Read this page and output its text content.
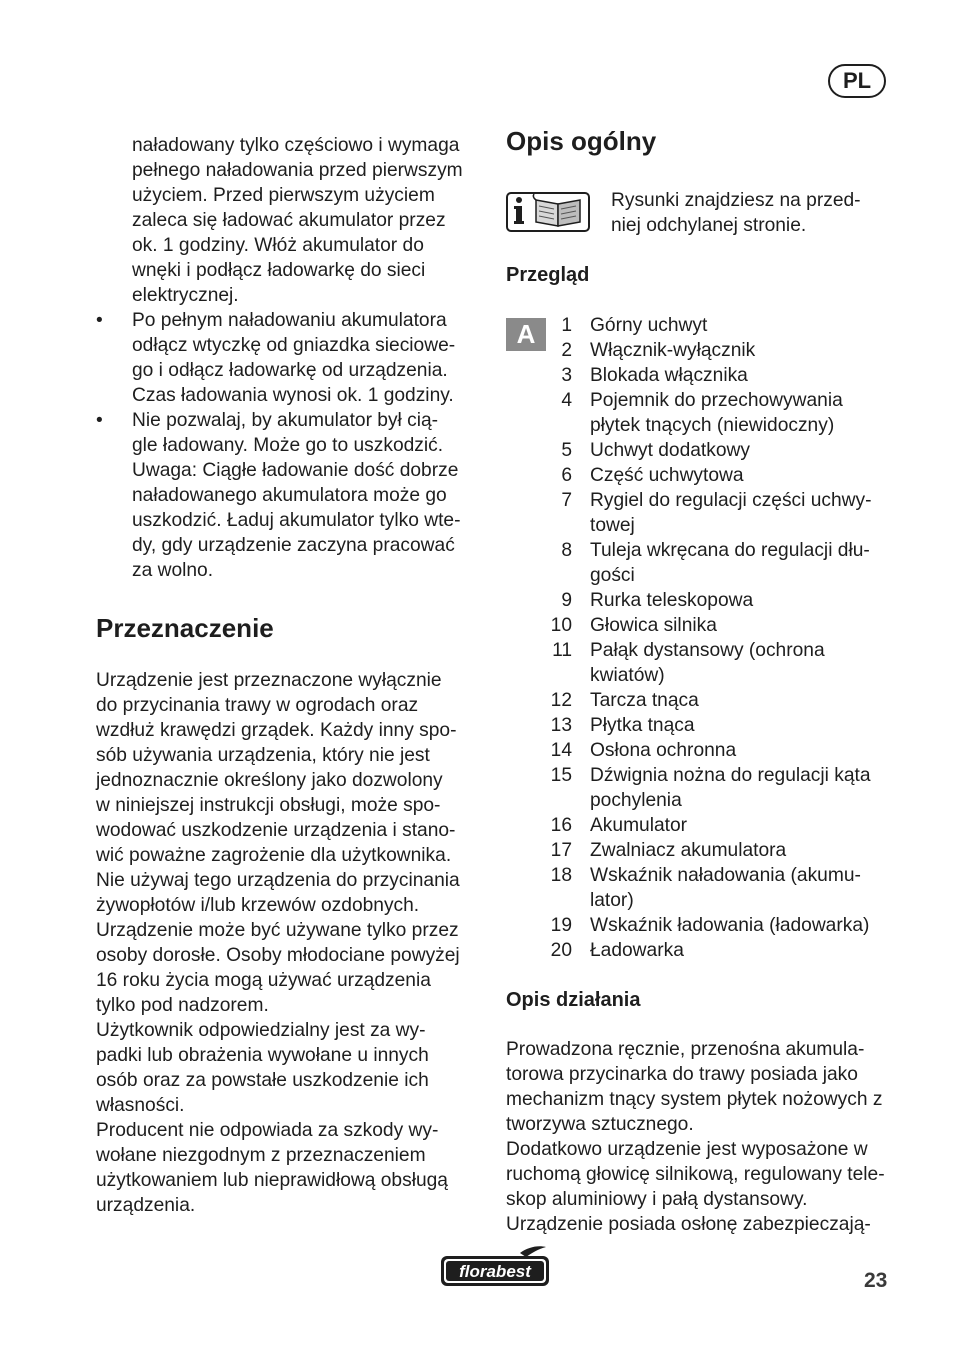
PL

naładowany tylko częściowo i wymaga
pełnego naładowania przed pierwszym
użyciem. Przed pierwszym użyciem
zaleca się ładować akumulator przez
ok. 1 godziny. Włóż akumulator do
wnęki i podłącz ładowarkę do sieci
elektrycznej.

• Po pełnym naładowaniu akumulatora
odłącz wtyczkę od gniazdka sieciowe-
go i odłącz ładowarkę od urządzenia.
Czas ładowania wynosi ok. 1 godziny.
• Nie pozwalaj, by akumulator był cią-
gle ładowany. Może go to uszkodzić.
Uwaga: Ciągłe ładowanie dość dobrze
naładowanego akumulatora może go
uszkodzić. Ładuj akumulator tylko wte-
dy, gdy urządzenie zaczyna pracować
za wolno.
Przeznaczenie

Urządzenie jest przeznaczone wyłącznie
do przycinania trawy w ogrodach oraz
wzdłuż krawędzi grządek. Każdy inny spo-
sób używania urządzenia, który nie jest
jednoznacznie określony jako dozwolony
w niniejszej instrukcji obsługi, może spo-
wodować uszkodzenie urządzenia i stano-
wić poważne zagrożenie dla użytkownika.
Nie używaj tego urządzenia do przycinania
żywopłotów i/lub krzewów ozdobnych.
Urządzenie może być używane tylko przez
osoby dorosłe. Osoby młodociane powyżej
16 roku życia mogą używać urządzenia
tylko pod nadzorem.
Użytkownik odpowiedzialny jest za wy-
padki lub obrażenia wywołane u innych
osób oraz za powstałe uszkodzenie ich
własności.
Producent nie odpowiada za szkody wy-
wołane niezgodnym z przeznaczeniem
użytkowaniem lub nieprawidłową obsługą
urządzenia.

Opis ogólny
Rysunki znajdziesz na przed-
niej odchylanej stronie.
Przegląd
A	1 Górny uchwyt
2 Włącznik-wyłącznik
3 Blokada włącznika
4 Pojemnik do przechowywania
płytek tnących (niewidoczny)
5 Uchwyt dodatkowy
6 Część uchwytowa
7 Rygiel do regulacji części uchwy-
towej
8 Tuleja wkręcana do regulacji dłu-
gości
9 Rurka teleskopowa
10 Głowica silnika
11 Pałąk dystansowy (ochrona
kwiatów)
12 Tarcza tnąca
13 Płytka tnąca
14 Osłona ochronna
15 Dźwignia nożna do regulacji kąta
pochylenia
16 Akumulator
17 Zwalniacz akumulatora
18 Wskaźnik naładowania (akumu-
lator)
19 Wskaźnik ładowania (ładowarka)
20 Ładowarka
Opis działania

Prowadzona ręcznie, przenośna akumula-
torowa przycinarka do trawy posiada jako
mechanizm tnący system płytek nożowych z
tworzywa sztucznego.
Dodatkowo urządzenie jest wyposażone w
ruchomą głowicę silnikową, regulowany tele-
skop aluminiowy i pałą dystansowy.
Urządzenie posiada osłonę zabezpieczają-

florabest	23
